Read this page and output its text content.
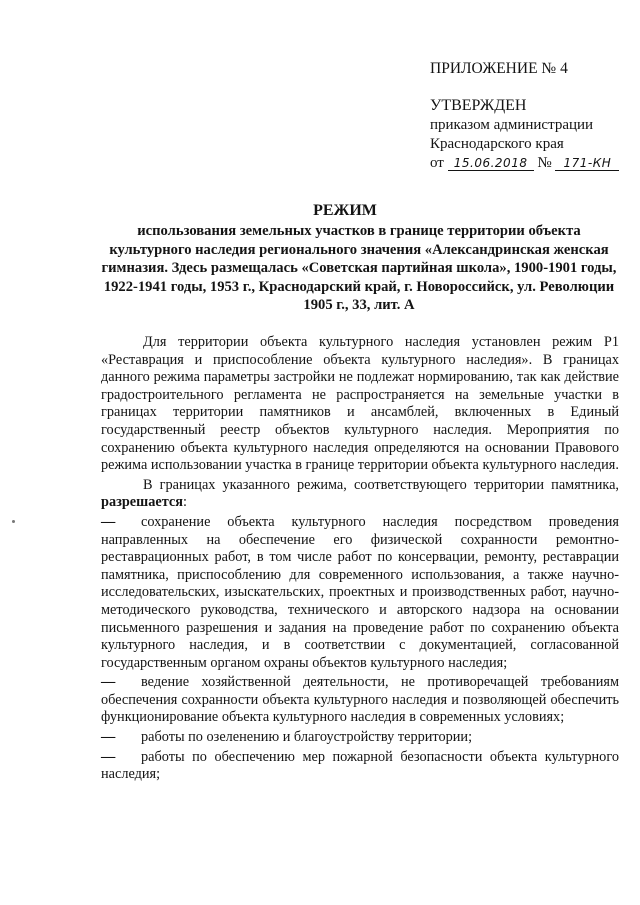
ПРИЛОЖЕНИЕ № 4
УТВЕРЖДЕН
приказом администрации
Краснодарского края
от 15.06.2018 № 171-КН
РЕЖИМ
использования земельных участков в границе территории объекта культурного наследия регионального значения «Александринская женская гимназия. Здесь размещалась «Советская партийная школа», 1900-1901 годы, 1922-1941 годы, 1953 г., Краснодарский край, г. Новороссийск, ул. Революции 1905 г., 33, лит. А

Для территории объекта культурного наследия установлен режим Р1 «Реставрация и приспособление объекта культурного наследия». В границах данного режима параметры застройки не подлежат нормированию, так как действие градостроительного регламента не распространяется на земельные участки в границах территории памятников и ансамблей, включенных в Единый государственный реестр объектов культурного наследия. Мероприятия по сохранению объекта культурного наследия определяются на основании Правового режима использовании участка в границе территории объекта культурного наследия.

В границах указанного режима, соответствующего территории памятника, разрешается:

—	сохранение объекта культурного наследия посредством проведения направленных на обеспечение его физической сохранности ремонтно-реставрационных работ, в том числе работ по консервации, ремонту, реставрации памятника, приспособлению для современного использования, а также научно-исследовательских, изыскательских, проектных и производственных работ, научно-методического руководства, технического и авторского надзора на основании письменного разрешения и задания на проведение работ по сохранению объекта культурного наследия, и в соответствии с документацией, согласованной государственным органом охраны объектов культурного наследия;
—	ведение хозяйственной деятельности, не противоречащей требованиям обеспечения сохранности объекта культурного наследия и позволяющей обеспечить функционирование объекта культурного наследия в современных условиях;
—	работы по озеленению и благоустройству территории;
—	работы по обеспечению мер пожарной безопасности объекта культурного наследия;
